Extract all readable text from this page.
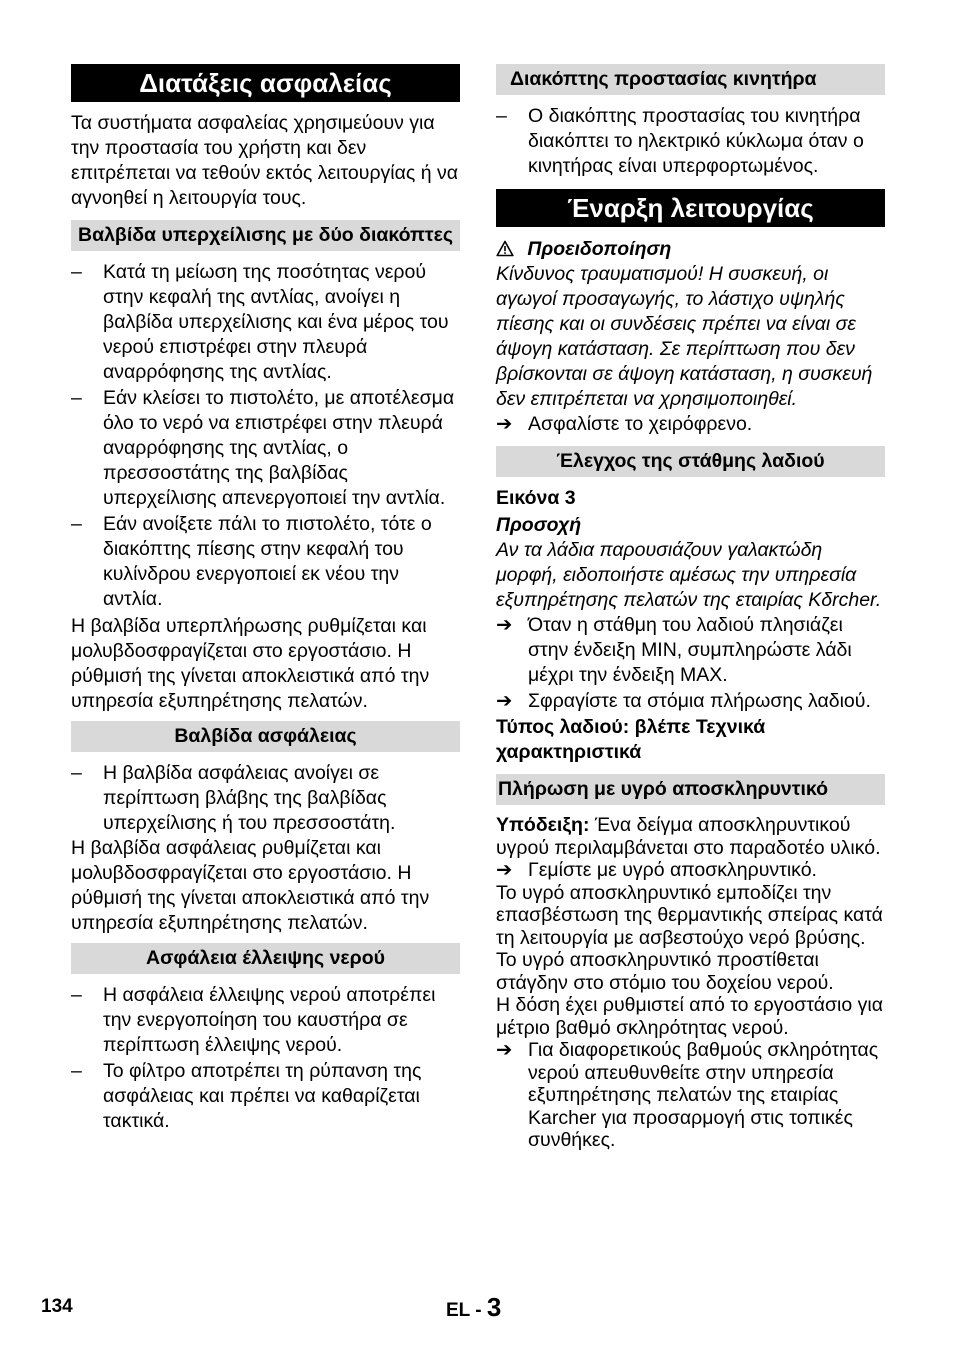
Διατάξεις ασφαλείας

Τα συστήματα ασφαλείας χρησιμεύουν για την προστασία του χρήστη και δεν επιτρέπεται να τεθούν εκτός λειτουργίας ή να αγνοηθεί η λειτουργία τους.

Βαλβίδα υπερχείλισης με δύο διακόπτες
– Κατά τη μείωση της ποσότητας νερού στην κεφαλή της αντλίας, ανοίγει η βαλβίδα υπερχείλισης και ένα μέρος του νερού επιστρέφει στην πλευρά αναρρόφησης της αντλίας.
– Εάν κλείσει το πιστολέτο, με αποτέλεσμα όλο το νερό να επιστρέφει στην πλευρά αναρρόφησης της αντλίας, ο πρεσσοστάτης της βαλβίδας υπερχείλισης απενεργοποιεί την αντλία.
– Εάν ανοίξετε πάλι το πιστολέτο, τότε ο διακόπτης πίεσης στην κεφαλή του κυλίνδρου ενεργοποιεί εκ νέου την αντλία.

Η βαλβίδα υπερπλήρωσης ρυθμίζεται και μολυβδοσφραγίζεται στο εργοστάσιο. Η ρύθμισή της γίνεται αποκλειστικά από την υπηρεσία εξυπηρέτησης πελατών.

Βαλβίδα ασφάλειας
– Η βαλβίδα ασφάλειας ανοίγει σε περίπτωση βλάβης της βαλβίδας υπερχείλισης ή του πρεσσοστάτη.

Η βαλβίδα ασφάλειας ρυθμίζεται και μολυβδοσφραγίζεται στο εργοστάσιο. Η ρύθμισή της γίνεται αποκλειστικά από την υπηρεσία εξυπηρέτησης πελατών.

Ασφάλεια έλλειψης νερού
– Η ασφάλεια έλλειψης νερού αποτρέπει την ενεργοποίηση του καυστήρα σε περίπτωση έλλειψης νερού.
– Το φίλτρο αποτρέπει τη ρύπανση της ασφάλειας και πρέπει να καθαρίζεται τακτικά.
Διακόπτης προστασίας κινητήρα
– Ο διακόπτης προστασίας του κινητήρα διακόπτει το ηλεκτρικό κύκλωμα όταν ο κινητήρας είναι υπερφορτωμένος.
Έναρξη λειτουργίας

Προειδοποίηση

Κίνδυνος τραυματισμού! Η συσκευή, οι αγωγοί προσαγωγής, το λάστιχο υψηλής πίεσης και οι συνδέσεις πρέπει να είναι σε άψογη κατάσταση. Σε περίπτωση που δεν βρίσκονται σε άψογη κατάσταση, η συσκευή δεν επιτρέπεται να χρησιμοποιηθεί.

➔ Ασφαλίστε το χειρόφρενο.
Έλεγχος της στάθμης λαδιού

Εικόνα 3

Προσοχή

Αν τα λάδια παρουσιάζουν γαλακτώδη μορφή, ειδοποιήστε αμέσως την υπηρεσία εξυπηρέτησης πελατών της εταιρίας Kδrcher.

➔ Όταν η στάθμη του λαδιού πλησιάζει στην ένδειξη MIN, συμπληρώστε λάδι μέχρι την ένδειξη MAX.
➔ Σφραγίστε τα στόμια πλήρωσης λαδιού.

Τύπος λαδιού: βλέπε Τεχνικά χαρακτηριστικά

Πλήρωση με υγρό αποσκληρυντικό

Υπόδειξη: Ένα δείγμα αποσκληρυντικού υγρού περιλαμβάνεται στο παραδοτέο υλικό.

➔ Γεμίστε με υγρό αποσκληρυντικό.

Το υγρό αποσκληρυντικό εμποδίζει την επασβέστωση της θερμαντικής σπείρας κατά τη λειτουργία με ασβεστούχο νερό βρύσης. Το υγρό αποσκληρυντικό προστίθεται στάγδην στο στόμιο του δοχείου νερού.

Η δόση έχει ρυθμιστεί από το εργοστάσιο για μέτριο βαθμό σκληρότητας νερού.

➔ Για διαφορετικούς βαθμούς σκληρότητας νερού απευθυνθείτε στην υπηρεσία εξυπηρέτησης πελατών της εταιρίας Karcher για προσαρμογή στις τοπικές συνθήκες.
134	EL - 3
